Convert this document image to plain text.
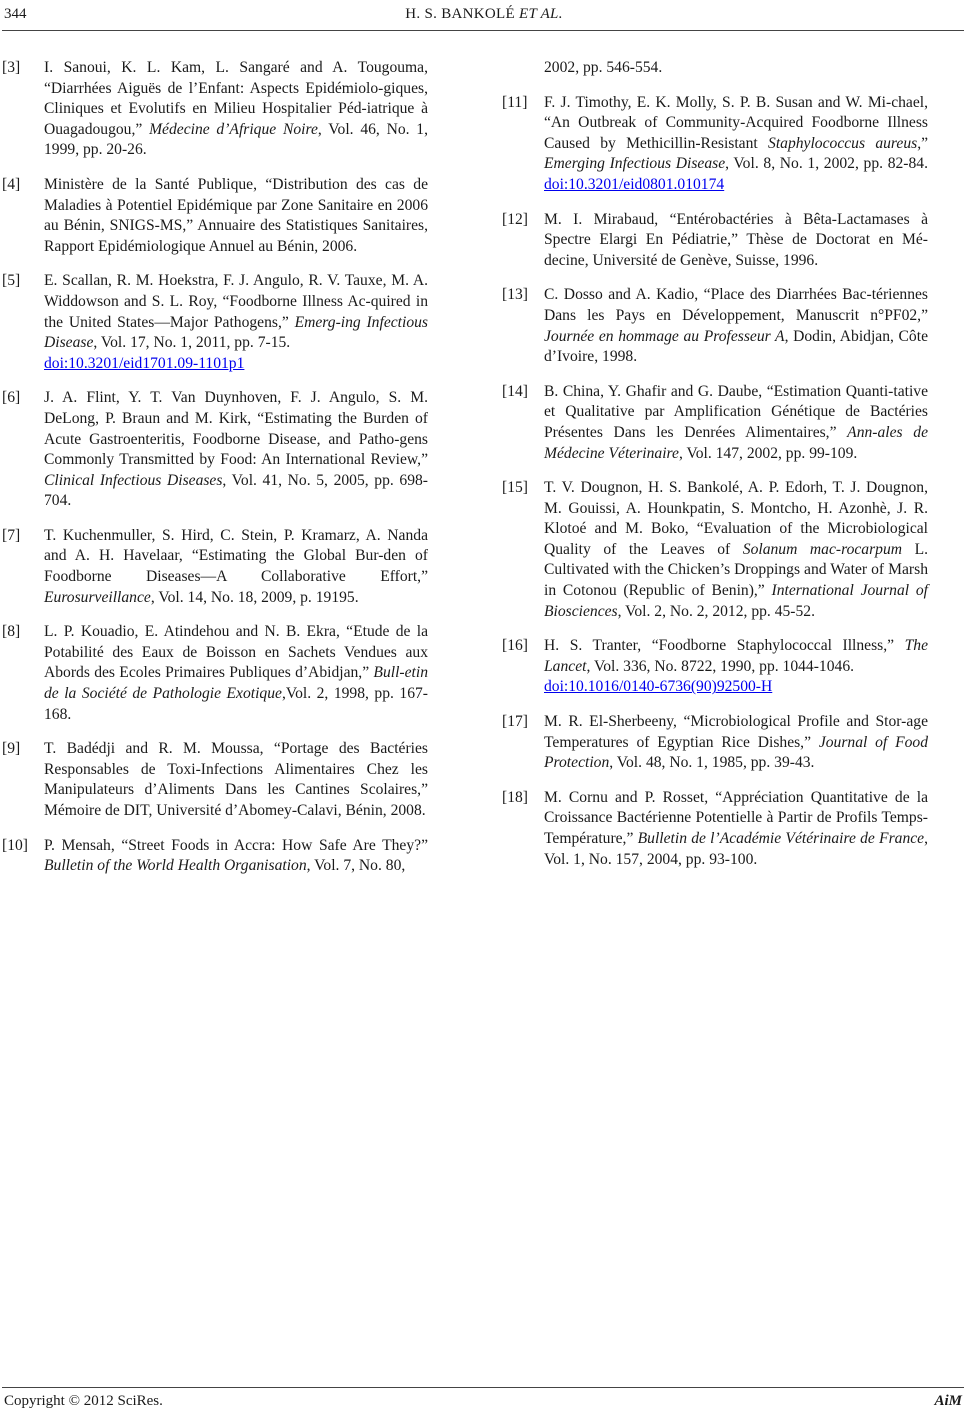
344	H. S. BANKOLÉ ET AL.
[3] I. Sanoui, K. L. Kam, L. Sangaré and A. Tougouma, “Diarrhées Aiguës de l’Enfant: Aspects Epidémiolo-giques, Cliniques et Evolutifs en Milieu Hospitalier Péd-iatrique à Ouagadougou,” Médecine d’Afrique Noire, Vol. 46, No. 1, 1999, pp. 20-26.
[4] Ministère de la Santé Publique, “Distribution des cas de Maladies à Potentiel Epidémique par Zone Sanitaire en 2006 au Bénin, SNIGS-MS,” Annuaire des Statistiques Sanitaires, Rapport Epidémiologique Annuel au Bénin, 2006.
[5] E. Scallan, R. M. Hoekstra, F. J. Angulo, R. V. Tauxe, M. A. Widdowson and S. L. Roy, “Foodborne Illness Ac-quired in the United States—Major Pathogens,” Emerg-ing Infectious Disease, Vol. 17, No. 1, 2011, pp. 7-15.
doi:10.3201/eid1701.09-1101p1
[6] J. A. Flint, Y. T. Van Duynhoven, F. J. Angulo, S. M. DeLong, P. Braun and M. Kirk, “Estimating the Burden of Acute Gastroenteritis, Foodborne Disease, and Patho-gens Commonly Transmitted by Food: An International Review,” Clinical Infectious Diseases, Vol. 41, No. 5, 2005, pp. 698-704.
[7] T. Kuchenmuller, S. Hird, C. Stein, P. Kramarz, A. Nanda and A. H. Havelaar, “Estimating the Global Bur-den of Foodborne Diseases—A Collaborative Effort,” Eurosurveillance, Vol. 14, No. 18, 2009, p. 19195.
[8] L. P. Kouadio, E. Atindehou and N. B. Ekra, “Etude de la Potabilité des Eaux de Boisson en Sachets Vendues aux Abords des Ecoles Primaires Publiques d’Abidjan,” Bull-etin de la Société de Pathologie Exotique,Vol. 2, 1998, pp. 167-168.
[9] T. Badédji and R. M. Moussa, “Portage des Bactéries Responsables de Toxi-Infections Alimentaires Chez les Manipulateurs d’Aliments Dans les Cantines Scolaires,” Mémoire de DIT, Université d’Abomey-Calavi, Bénin, 2008.
[10] P. Mensah, “Street Foods in Accra: How Safe Are They?” Bulletin of the World Health Organisation, Vol. 7, No. 80,
2002, pp. 546-554.
[11] F. J. Timothy, E. K. Molly, S. P. B. Susan and W. Mi-chael, “An Outbreak of Community-Acquired Foodborne Illness Caused by Methicillin-Resistant Staphylococcus aureus,” Emerging Infectious Disease, Vol. 8, No. 1, 2002, pp. 82-84. doi:10.3201/eid0801.010174
[12] M. I. Mirabaud, “Entérobactéries à Bêta-Lactamases à Spectre Elargi En Pédiatrie,” Thèse de Doctorat en Mé-decine, Université de Genève, Suisse, 1996.
[13] C. Dosso and A. Kadio, “Place des Diarrhées Bac-tériennes Dans les Pays en Développement, Manuscrit n°PF02,” Journée en hommage au Professeur A, Dodin, Abidjan, Côte d’Ivoire, 1998.
[14] B. China, Y. Ghafir and G. Daube, “Estimation Quanti-tative et Qualitative par Amplification Génétique de Bactéries Présentes Dans les Denrées Alimentaires,” Ann-ales de Médecine Véterinaire, Vol. 147, 2002, pp. 99-109.
[15] T. V. Dougnon, H. S. Bankolé, A. P. Edorh, T. J. Dougnon, M. Gouissi, A. Hounkpatin, S. Montcho, H. Azonhè, J. R. Klotoé and M. Boko, “Evaluation of the Microbiological Quality of the Leaves of Solanum mac-rocarpum L. Cultivated with the Chicken’s Droppings and Water of Marsh in Cotonou (Republic of Benin),” International Journal of Biosciences, Vol. 2, No. 2, 2012, pp. 45-52.
[16] H. S. Tranter, “Foodborne Staphylococcal Illness,” The Lancet, Vol. 336, No. 8722, 1990, pp. 1044-1046.
doi:10.1016/0140-6736(90)92500-H
[17] M. R. El-Sherbeeny, “Microbiological Profile and Stor-age Temperatures of Egyptian Rice Dishes,” Journal of Food Protection, Vol. 48, No. 1, 1985, pp. 39-43.
[18] M. Cornu and P. Rosset, “Appréciation Quantitative de la Croissance Bactérienne Potentielle à Partir de Profils Temps-Température,” Bulletin de l’Académie Vétérinaire de France, Vol. 1, No. 157, 2004, pp. 93-100.
Copyright © 2012 SciRes.	AiM
